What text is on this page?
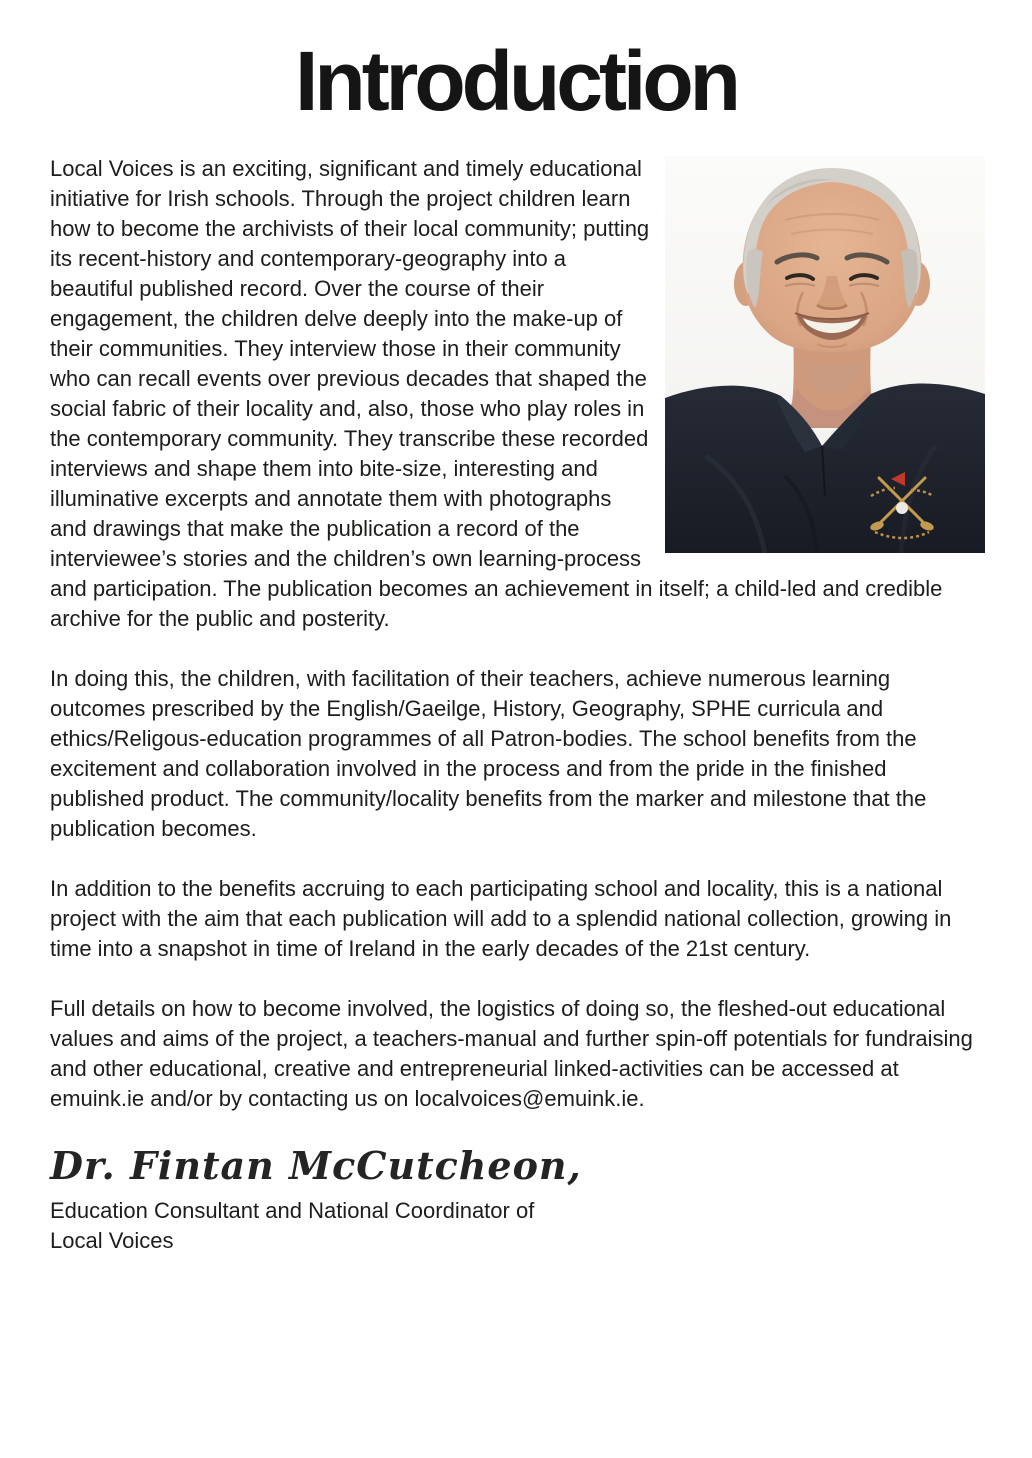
Introduction

Local Voices is an exciting, significant and timely educational initiative for Irish schools. Through the project children learn how to become the archivists of their local community; putting its recent-history and contemporary-geography into a beautiful published record. Over the course of their engagement, the children delve deeply into the make-up of their communities. They interview those in their community who can recall events over previous decades that shaped the social fabric of their locality and, also, those who play roles in the contemporary community. They transcribe these recorded interviews and shape them into bite-size, interesting and illuminative excerpts and annotate them with photographs and drawings that make the publication a record of the interviewee’s stories and the children’s own learning-process and participation. The publication becomes an achievement in itself; a child-led and credible archive for the public and posterity.

In doing this, the children, with facilitation of their teachers, achieve numerous learning outcomes prescribed by the English/Gaeilge, History, Geography, SPHE curricula and ethics/Religous-education programmes of all Patron-bodies. The school benefits from the excitement and collaboration involved in the process and from the pride in the finished published product. The community/locality benefits from the marker and milestone that the publication becomes.

In addition to the benefits accruing to each participating school and locality, this is a national project with the aim that each publication will add to a splendid national collection, growing in time into a snapshot in time of Ireland in the early decades of the 21st century.

Full details on how to become involved, the logistics of doing so, the fleshed-out educational values and aims of the project, a teachers-manual and further spin-off potentials for fundraising and other educational, creative and entrepreneurial linked-activities can be accessed at emuink.ie and/or by contacting us on localvoices@emuink.ie.

Dr. Fintan McCutcheon,
Education Consultant and National Coordinator of
Local Voices
